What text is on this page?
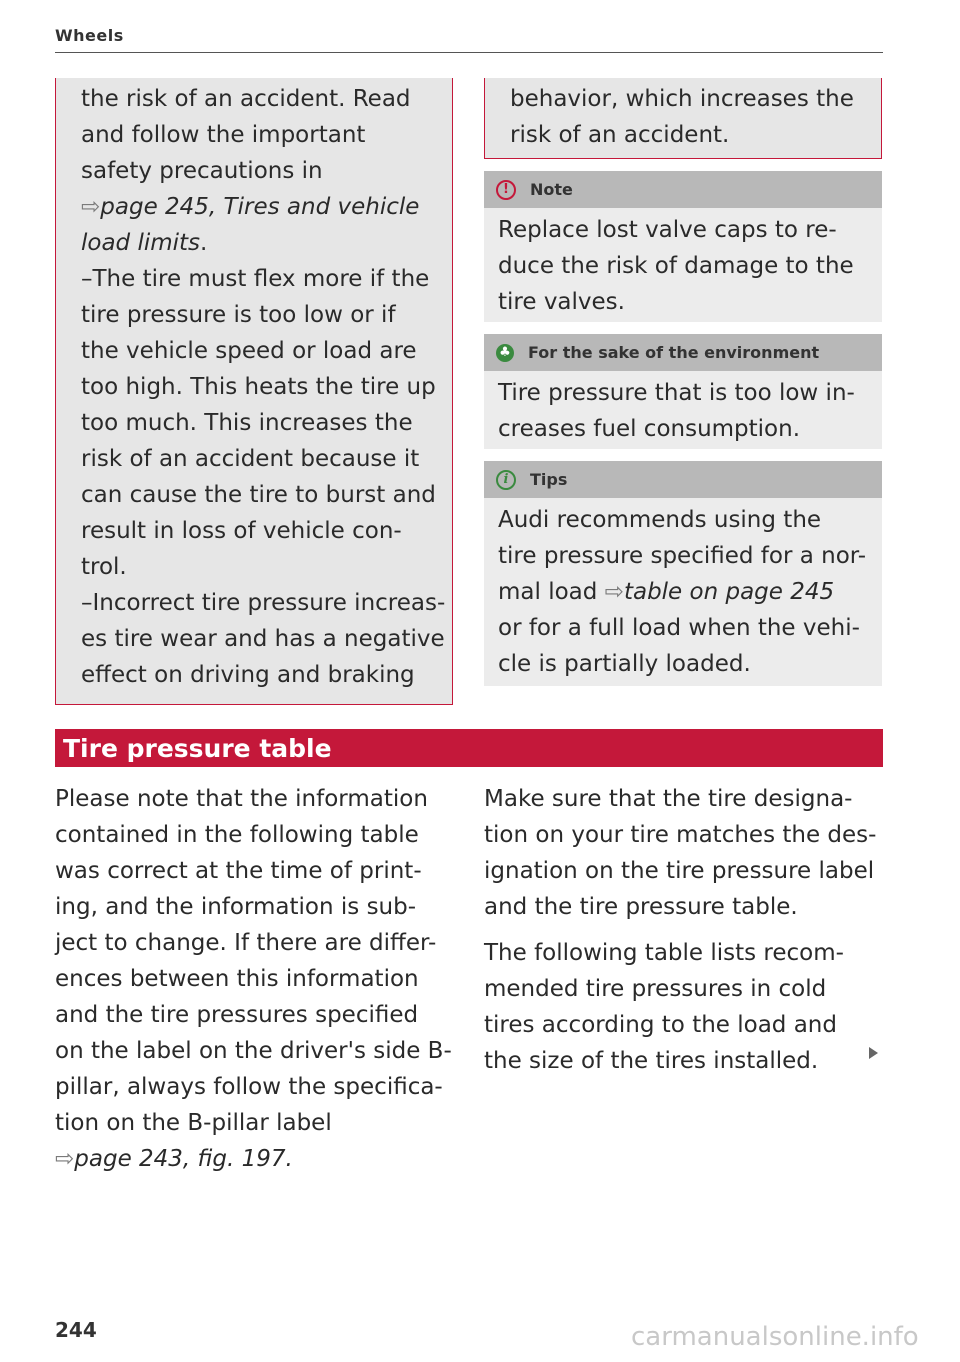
Wheels
the risk of an accident. Read
and follow the important
safety precautions in
⇨page 245, Tires and vehicle
load limits.
–The tire must flex more if the
tire pressure is too low or if
the vehicle speed or load are
too high. This heats the tire up
too much. This increases the
risk of an accident because it
can cause the tire to burst and
result in loss of vehicle con-
trol.
–Incorrect tire pressure increas-
es tire wear and has a negative
effect on driving and braking
behavior, which increases the
risk of an accident.
!	Note
Replace lost valve caps to re-
duce the risk of damage to the
tire valves.
♣ For the sake of the environment
Tire pressure that is too low in-
creases fuel consumption.
i	Tips
Audi recommends using the
tire pressure specified for a nor-
mal load ⇨table on page 245
or for a full load when the vehi-
cle is partially loaded.
Tire pressure table
Please note that the information
contained in the following table
was correct at the time of print-
ing, and the information is sub-
ject to change. If there are differ-
ences between this information
and the tire pressures specified
on the label on the driver's side B-
pillar, always follow the specifica-
tion on the B-pillar label
⇨page 243, fig. 197.
Make sure that the tire designa-
tion on your tire matches the des-
ignation on the tire pressure label
and the tire pressure table.
The following table lists recom-
mended tire pressures in cold
tires according to the load and
the size of the tires installed.
244	carmanualsonline.info
